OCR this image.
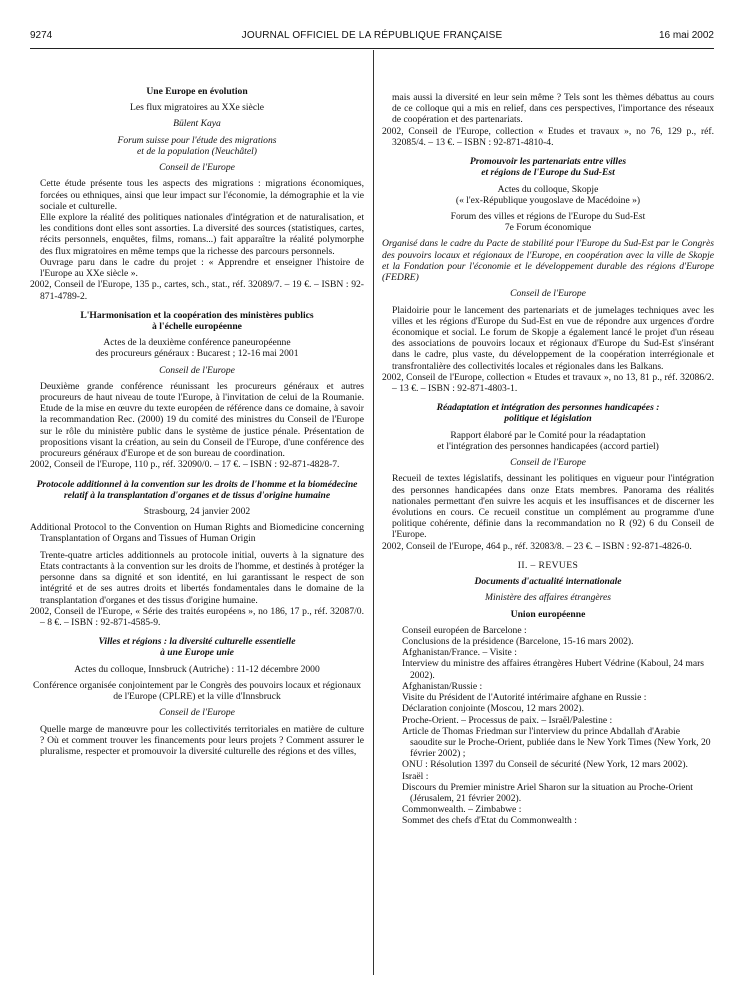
9274	JOURNAL OFFICIEL DE LA RÉPUBLIQUE FRANÇAISE	16 mai 2002

Une Europe en évolution

Les flux migratoires au XXe siècle

Bülent Kaya

Forum suisse pour l'étude des migrations

et de la population (Neuchâtel)

Conseil de l'Europe

Cette étude présente tous les aspects des migrations : migrations économiques, forcées ou ethniques, ainsi que leur impact sur l'économie, la démographie et la vie sociale et culturelle.

Elle explore la réalité des politiques nationales d'intégration et de naturalisation, et les conditions dont elles sont assorties. La diversité des sources (statistiques, cartes, récits personnels, enquêtes, films, romans...) fait apparaître la réalité polymorphe des flux migratoires en même temps que la richesse des parcours personnels.

Ouvrage paru dans le cadre du projet : « Apprendre et enseigner l'histoire de l'Europe au XXe siècle ».

2002, Conseil de l'Europe, 135 p., cartes, sch., stat., réf. 32089/7. – 19 €. – ISBN : 92-871-4789-2.

L'Harmonisation et la coopération des ministères publics

à l'échelle européenne

Actes de la deuxième conférence paneuropéenne

des procureurs généraux : Bucarest ; 12-16 mai 2001

Conseil de l'Europe

Deuxième grande conférence réunissant les procureurs généraux et autres procureurs de haut niveau de toute l'Europe, à l'invitation de celui de la Roumanie. Etude de la mise en œuvre du texte européen de référence dans ce domaine, à savoir la recommandation Rec. (2000) 19 du comité des ministres du Conseil de l'Europe sur le rôle du ministère public dans le système de justice pénale. Présentation de propositions visant la création, au sein du Conseil de l'Europe, d'une conférence des procureurs généraux d'Europe et de son bureau de coordination.

2002, Conseil de l'Europe, 110 p., réf. 32090/0. – 17 €. – ISBN : 92-871-4828-7.

Protocole additionnel à la convention sur les droits de l'homme et la biomédecine relatif à la transplantation d'organes et de tissus d'origine humaine

Strasbourg, 24 janvier 2002

Additional Protocol to the Convention on Human Rights and Biomedicine concerning Transplantation of Organs and Tissues of Human Origin

Trente-quatre articles additionnels au protocole initial, ouverts à la signature des Etats contractants à la convention sur les droits de l'homme, et destinés à protéger la personne dans sa dignité et son identité, en lui garantissant le respect de son intégrité et de ses autres droits et libertés fondamentales dans le domaine de la transplantation d'organes et des tissus d'origine humaine.

2002, Conseil de l'Europe, « Série des traités européens », no 186, 17 p., réf. 32087/0. – 8 €. – ISBN : 92-871-4585-9.

Villes et régions : la diversité culturelle essentielle

à une Europe unie

Actes du colloque, Innsbruck (Autriche) : 11-12 décembre 2000

Conférence organisée conjointement par le Congrès des pouvoirs locaux et régionaux de l'Europe (CPLRE) et la ville d'Innsbruck

Conseil de l'Europe

Quelle marge de manœuvre pour les collectivités territoriales en matière de culture ? Où et comment trouver les financements pour leurs projets ? Comment assurer le pluralisme, respecter et promouvoir la diversité culturelle des régions et des villes,

mais aussi la diversité en leur sein même ? Tels sont les thèmes débattus au cours de ce colloque qui a mis en relief, dans ces perspectives, l'importance des réseaux de coopération et des partenariats.

2002, Conseil de l'Europe, collection « Etudes et travaux », no 76, 129 p., réf. 32085/4. – 13 €. – ISBN : 92-871-4810-4.

Promouvoir les partenariats entre villes

et régions de l'Europe du Sud-Est

Actes du colloque, Skopje

(« l'ex-République yougoslave de Macédoine »)

Forum des villes et régions de l'Europe du Sud-Est

7e Forum économique

Organisé dans le cadre du Pacte de stabilité pour l'Europe du Sud-Est par le Congrès des pouvoirs locaux et régionaux de l'Europe, en coopération avec la ville de Skopje et la Fondation pour l'économie et le développement durable des régions d'Europe (FEDRE)

Conseil de l'Europe

Plaidoirie pour le lancement des partenariats et de jumelages techniques avec les villes et les régions d'Europe du Sud-Est en vue de répondre aux urgences d'ordre économique et social. Le forum de Skopje a également lancé le projet d'un réseau des associations de pouvoirs locaux et régionaux d'Europe du Sud-Est s'insérant dans le cadre, plus vaste, du développement de la coopération interrégionale et transfrontalière des collectivités locales et régionales dans les Balkans.

2002, Conseil de l'Europe, collection « Etudes et travaux », no 13, 81 p., réf. 32086/2. – 13 €. – ISBN : 92-871-4803-1.

Réadaptation et intégration des personnes handicapées :

politique et législation

Rapport élaboré par le Comité pour la réadaptation

et l'intégration des personnes handicapées (accord partiel)

Conseil de l'Europe

Recueil de textes législatifs, dessinant les politiques en vigueur pour l'intégration des personnes handicapées dans onze Etats membres. Panorama des réalités nationales permettant d'en suivre les acquis et les insuffisances et de discerner les évolutions en cours. Ce recueil constitue un complément au programme d'une politique cohérente, définie dans la recommandation no R (92) 6 du Conseil de l'Europe.

2002, Conseil de l'Europe, 464 p., réf. 32083/8. – 23 €. – ISBN : 92-871-4826-0.

II. – REVUES

Documents d'actualité internationale

Ministère des affaires étrangères

Union européenne

Conseil européen de Barcelone :

Conclusions de la présidence (Barcelone, 15-16 mars 2002).

Afghanistan/France. – Visite :

Interview du ministre des affaires étrangères Hubert Védrine (Kaboul, 24 mars 2002).

Afghanistan/Russie :

Visite du Président de l'Autorité intérimaire afghane en Russie :

Déclaration conjointe (Moscou, 12 mars 2002).

Proche-Orient. – Processus de paix. – Israël/Palestine :

Article de Thomas Friedman sur l'interview du prince Abdallah d'Arabie saoudite sur le Proche-Orient, publiée dans le New York Times (New York, 20 février 2002) ;

ONU : Résolution 1397 du Conseil de sécurité (New York, 12 mars 2002).

Israël :

Discours du Premier ministre Ariel Sharon sur la situation au Proche-Orient (Jérusalem, 21 février 2002).

Commonwealth. – Zimbabwe :

Sommet des chefs d'Etat du Commonwealth :
